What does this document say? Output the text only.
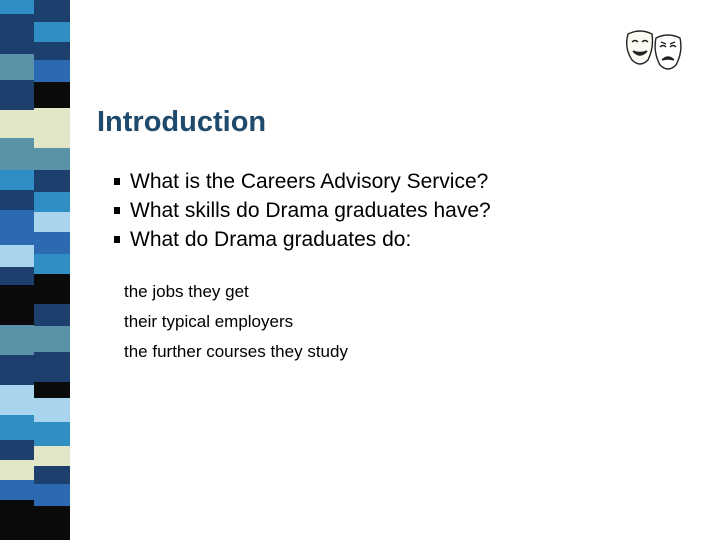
Introduction
What is the Careers Advisory Service?
What skills do Drama graduates have?
What do Drama graduates do:
the jobs they get
their typical employers
the further courses they study
